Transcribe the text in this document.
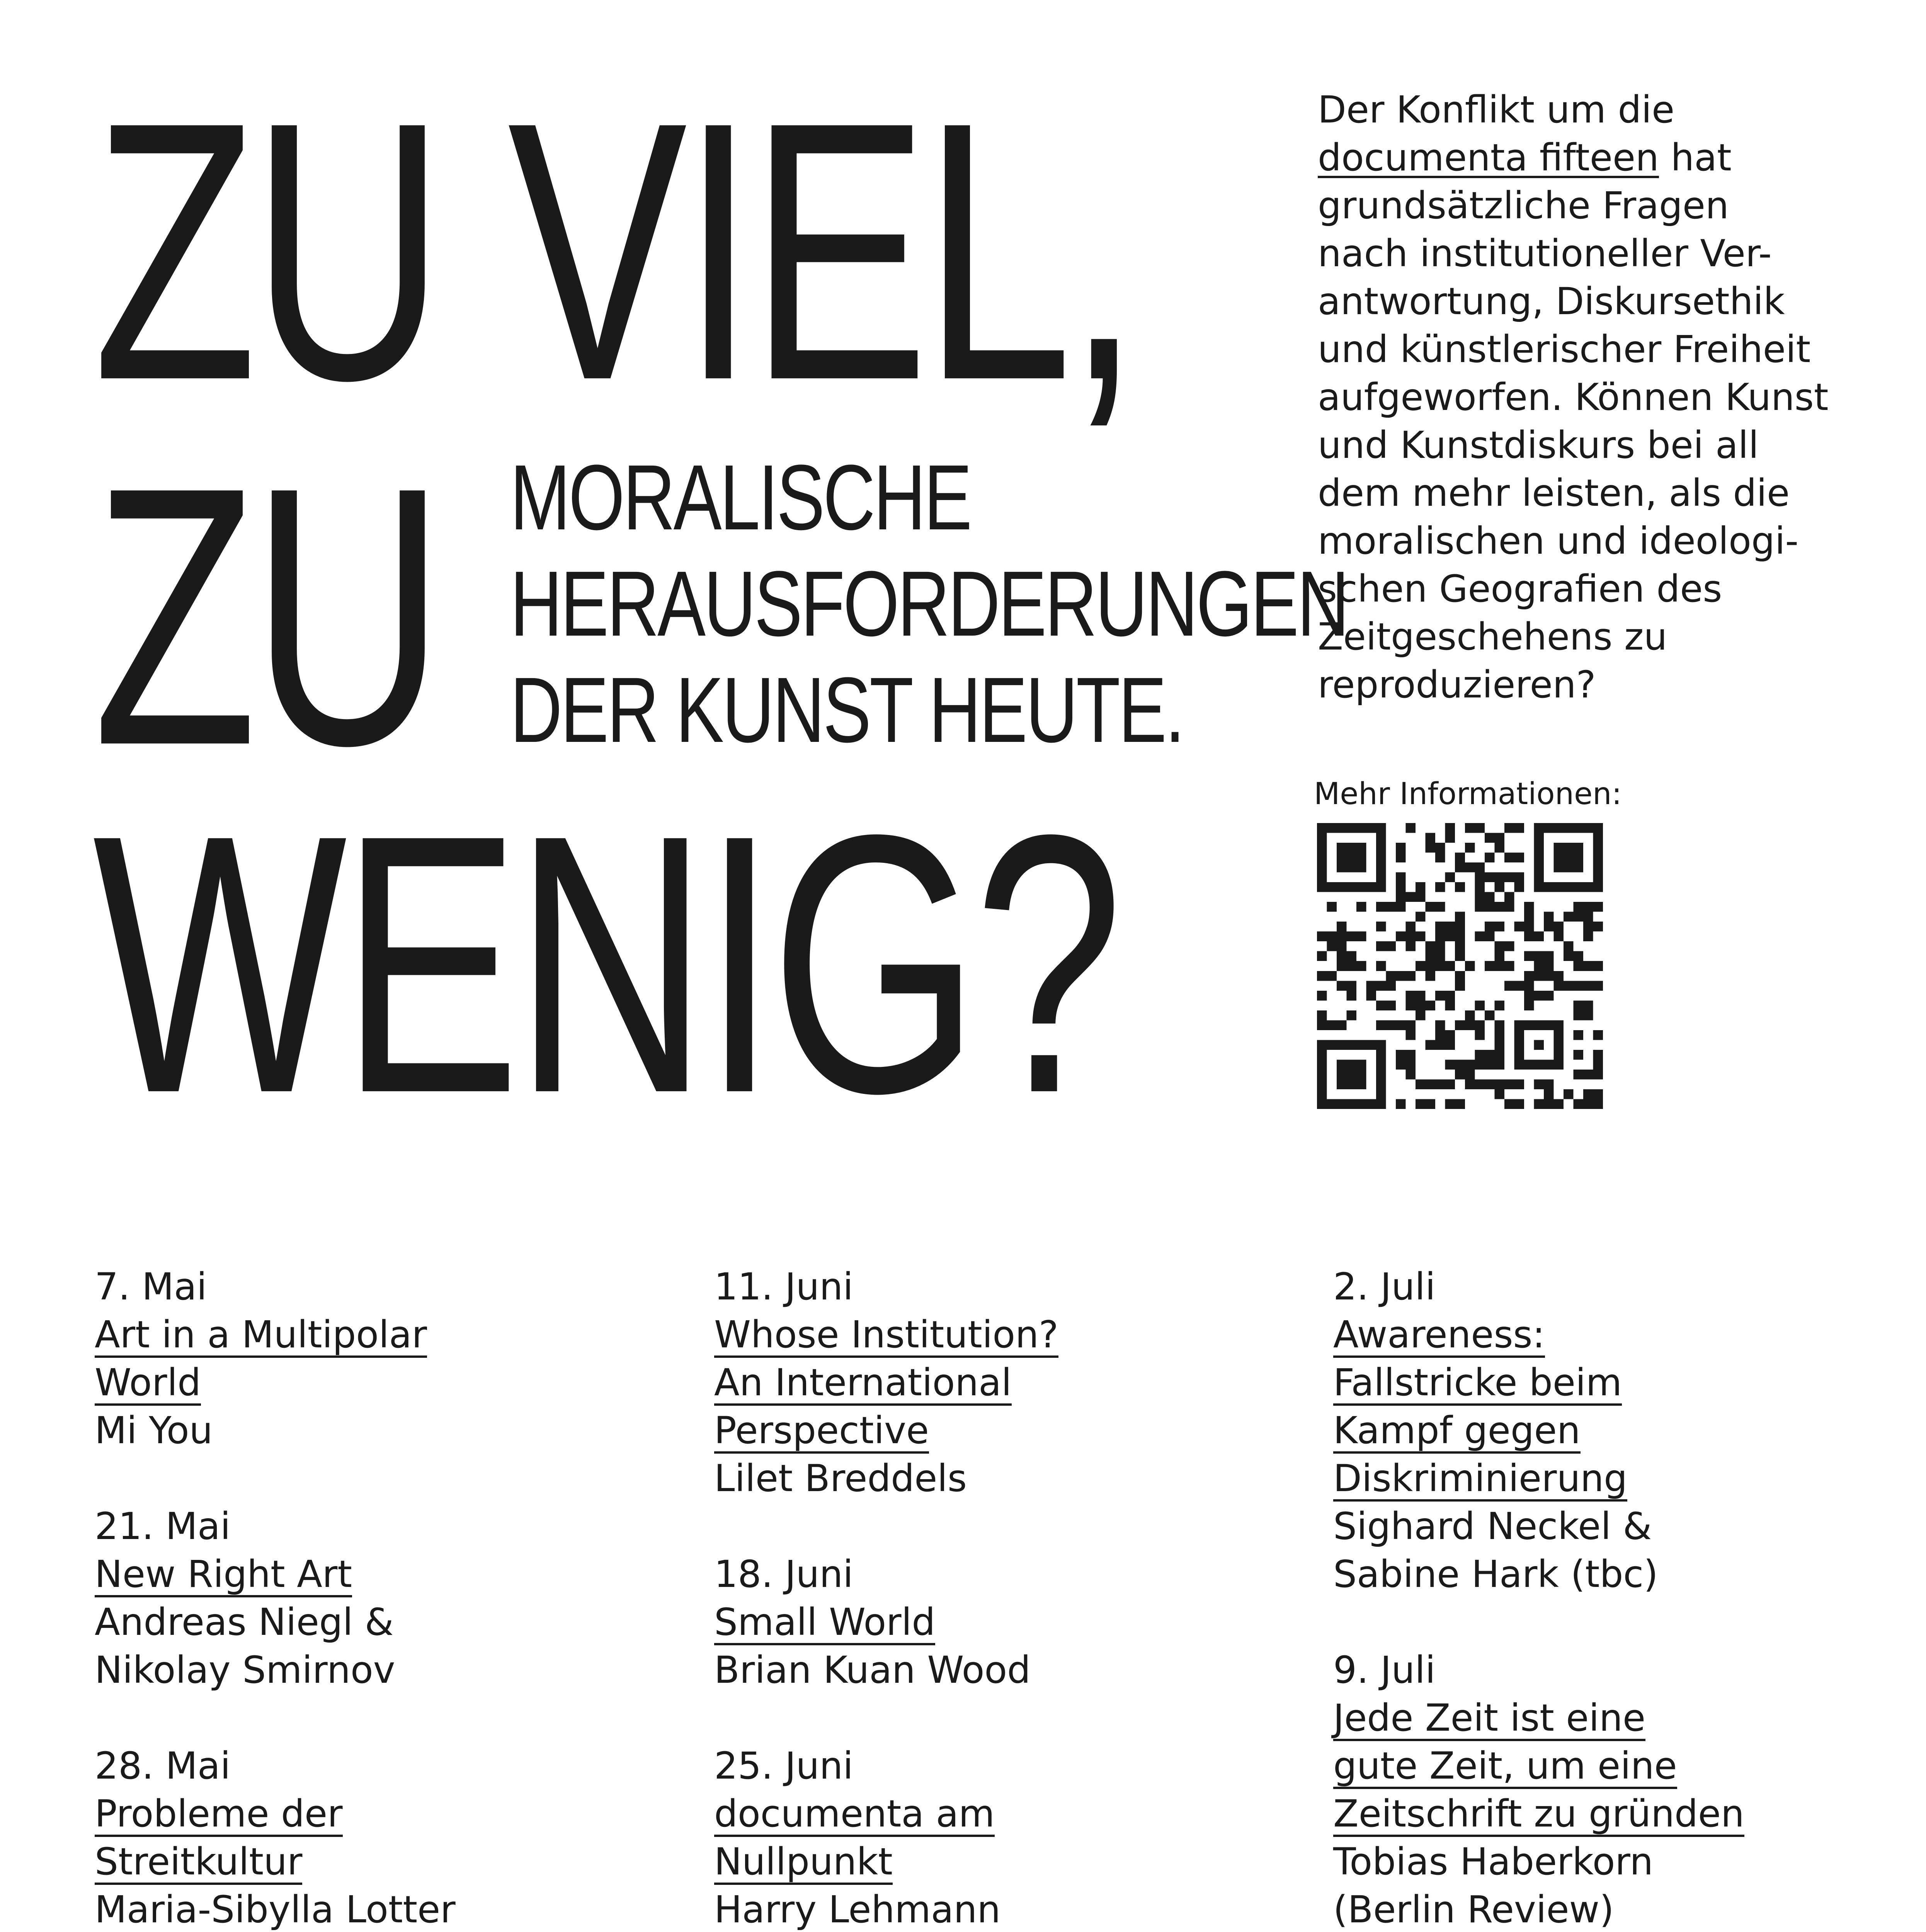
ZU VIEL,
ZU
WENIG?
MORALISCHE
HERAUSFORDERUNGEN
DER KUNST HEUTE.
Der Konflikt um die
documenta fifteen hat
grundsätzliche Fragen
nach institutioneller Ver-
antwortung, Diskursethik
und künstlerischer Freiheit
aufgeworfen. Können Kunst
und Kunstdiskurs bei all
dem mehr leisten, als die
moralischen und ideologi-
schen Geografien des
Zeitgeschehens zu
reproduzieren?
Mehr Informationen:
7. Mai
Art in a Multipolar
World
Mi You
21. Mai
New Right Art
Andreas Niegl &
Nikolay Smirnov
28. Mai
Probleme der
Streitkultur
Maria-Sibylla Lotter
11. Juni
Whose Institution?
An International
Perspective
Lilet Breddels
18. Juni
Small World
Brian Kuan Wood
25. Juni
documenta am
Nullpunkt
Harry Lehmann
2. Juli
Awareness:
Fallstricke beim
Kampf gegen
Diskriminierung
Sighard Neckel &
Sabine Hark (tbc)
9. Juli
Jede Zeit ist eine
gute Zeit, um eine
Zeitschrift zu gründen
Tobias Haberkorn
(Berlin Review)
